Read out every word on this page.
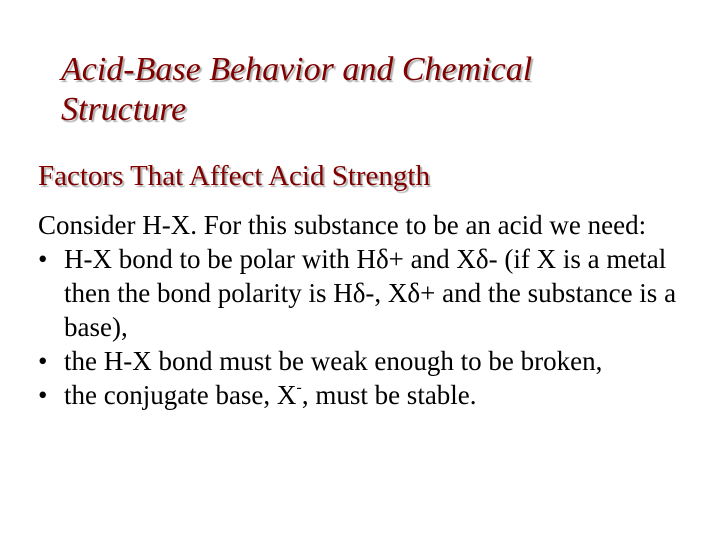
Acid-Base Behavior and Chemical
Structure
Factors That Affect Acid Strength

Consider H-X. For this substance to be an acid we need:

• H-X bond to be polar with Hδ+ and Xδ- (if X is a metal then the bond polarity is Hδ-, Xδ+ and the substance is a base),
• the H-X bond must be weak enough to be broken,
• the conjugate base, X-, must be stable.
